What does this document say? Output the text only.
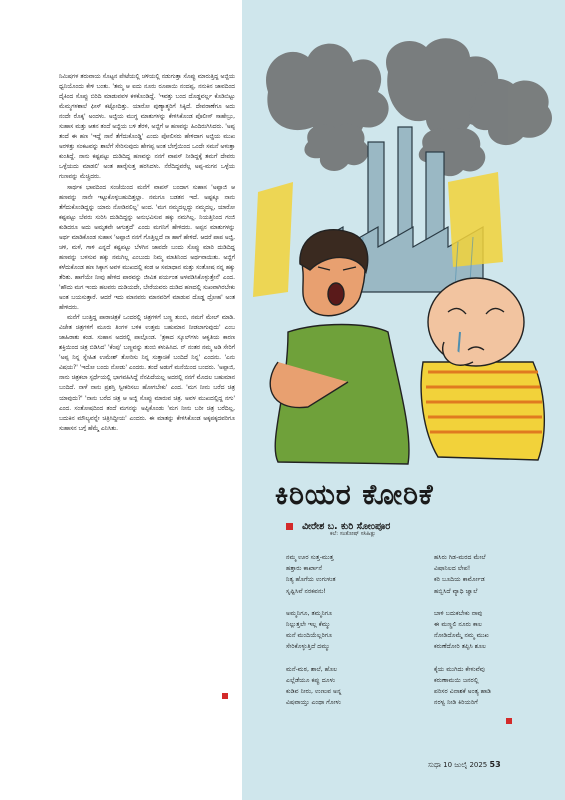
ನಿಮಿಷಗಳ ತರುವಾಯ ಸೊಟ್ಟನ ಪೇಟೆಯಲ್ಲಿ ಚಳಿಯಲ್ಲಿ ನಡುಗುತ್ತಾ ಸೊಪ್ಪು ಮಾರುತ್ತಿದ್ದ ಅಜ್ಜಿಯ ಧ್ವನಿಯೊಂದು ಕೇಳಿ ಬಂತು. 'ತಮ್ಮ ಆ ಐದು ನೂರು ರೂಪಾಯಿ ನಂದಪ್ಪ, ನನುಕಿನ ಜಾವದಿಂದ ದೈಕಿಂದ ಸೊಪ್ಪು ಬಿರಿದಿ ಮಾಡುವವಳ ಕಳಕೊಂಡಿದ್ದೆ. 'ಇವತ್ತು ಬಂದ ದೊಡ್ಡವರ್ಲ್ಲ ಕೊಡಿಬಿಟ್ಟು ಮೆಮ್ಮಗಳಶಾಲೆ ಫೀಸ್ ಕಟ್ಟೋದಿತ್ತು. ಯಾರೋ ಪುಣ್ಯಾತ್ಮರಿಗೆ ಸಿಕ್ಕಿದೆ. ದೇವರಾಣೆಗೂ ಅದು ನಂದೇ ರೊಕ್ಕ' ಅಂದಳು. ಅಜ್ಜಿಯ ಮುಗ್ಧ ಮಾತುಗಳನ್ನು ಕೇಳಿಸಿಕೊಂಡ ಪೊಲೀಸ್ ಸಾಹೇಬ್ರು, ಸುಹಾಸ ಮತ್ತು ಆತನ ತಂದೆ ಅಜ್ಜಿಯ ಬಳಿ ತೆರಳಿ, ಅಜ್ಜಿಗೆ ಆ ಹಣವನ್ನು ಹಿಂದಿರುಗಿಸಿದರು. 'ಅಪ್ಪ ತಂದೆ ಈ ಹಣ 'ಇದ್ದೆ ನಾನೆ ತೆಗೆದುಕೊಂಡ್ಡಿ' ಎಂದು ಪೋಲಿಸರು ಹೇಳಿದಾಗ ಅಜ್ಜಿಯ ಮುಖ ಅರಳಿತ್ತು ಸಂಕಟವನ್ನು ಶಾಲೆಗೆ ಸೇರಿಸುವುದು ಹೇಗಪ್ಪ ಅಂತ ಬೇಗ್ಗೆಯಿಂದ ಒಂದೇ ಸಮನೆ ಅಳುತ್ತಾ ಕುಂತಿದ್ದೆ. ನಾನು ಕಷ್ಟಪಟ್ಟು ದುಡಿದಿದ್ದ ಹಣವನ್ನು ನನಗೆ ವಾಪಸ್ ನೀಡಿದ್ದಕ್ಕೆ ತಮಗೆ ದೇವರು ಒಳ್ಳೆಯದು ಮಾಡಲಿ' ಅಂತ ಹಾರೈಸುತ್ತ ಹರಸಿದಳು. ನೆರೆದಿದ್ದವರೆಲ್ಲ ಅಪ್ಪ-ಮಗನ ಒಳ್ಳೆಯ ಗುಣವನ್ನು ಮೆಚ್ಚಿದರು.

ಸಾರ್ಥಕ ಭಾವದಿಂದ ಸಂಜೆಯಿಂದ ಮನೆಗೆ ವಾಪಸ್ ಬಂದಾಗ ಸುಹಾಸ 'ಅಪ್ಪಾಜಿ ಆ ಹಣವನ್ನು ನಾನೇ ಇಟ್ಟುಕೊಳ್ಳಬಹುದಿತ್ತಲ್ಲಾ. ನಮಗೂ ಬಡತನ ಇದೆ. ಅಷ್ಟಕ್ಕೂ ನಾನು ತೆಗೆದುಕೊಂಡಿದ್ದನ್ನು ಯಾರು ನೋಡಿರಲಿಲ್ಲ' ಅಂದ. 'ಮಗ ನಮ್ಮದಲ್ಲದ್ದು ನಮ್ಮದಲ್ಲ, ಯಾರೋ ಕಷ್ಟಪಟ್ಟು ಬೆವರು ಸುರಿಸಿ ದುಡಿದಿದ್ದನ್ನು ಅನುಭವಿಸುವ ಹಕ್ಕು ನಮಗಿಲ್ಲ. ನಿಯತ್ತಿನಿಂದ ಗಂಜಿ ಕುಡಿದರೂ ಅದು ಅಮೃತವೇ ಆಗುತ್ತದೆ' ಎಂದು ಮಗನಿಗೆ ಹೇಳಿದರು. ಅಪ್ಪನ ಮಾತುಗಳನ್ನು ಅರ್ಥ ಮಾಡಿಕೊಂಡ ಸುಹಾಸ 'ಅಪ್ಪಾಜಿ ನನಗೆ ಗೊತ್ತಿಲ್ಲದೆ ನಾ ಹಾಗೆ ಹೇಳಿದೆ. ಆದರೆ ಪಾಪ ಅಜ್ಜಿ, ಚಳಿ, ಮಳೆ, ಗಾಳಿ ಎನ್ನದೆ ಕಷ್ಟಪಟ್ಟು ಬೆಳಗಿನ ಜಾವದೇ ಬಂದು ಸೊಪ್ಪು ಮಾರಿ ದುಡಿದಿದ್ದ ಹಣವನ್ನು ಬಳಸುವ ಹಕ್ಕು ನಮಗಿಲ್ಲ ಎಂಬುದು ನಿಮ್ಮ ಮಾತಿನಿಂದ ಅರ್ಥವಾಯಿತು. ಅಜ್ಜಿಗೆ ಕಳೆದುಕೊಂಡ ಹಣ ಸಿಕ್ಕಾಗ ಅವಳ ಮುಖದಲ್ಲಿ ಕಂಡ ಆ ಸಮಾಧಾನ ಮತ್ತು ಸಂತೋಷ ನನ್ನ ಹಕ್ಕು ತೆರಿತು. ಹಾಗೆಯೇ ನೀವು ಹೇಳಿದ ಪಾಠವನ್ನು ಜೀವಿತ ಪರ್ಯಂತ ಅಳವಡಿಸಿಕೊಳ್ಳುತ್ತೇನೆ' ಎಂದ. 'ಹೌದು ಮಗ ಇಂದು ಹಲವರು ದುಡಿಯದೇ, ಬೇರೆಯವರು ದುಡಿದ ಹಣದಲ್ಲಿ ಸುಖವಾಗಿರಬೇಕು ಅಂತ ಬಯಸುತ್ತಾರೆ. ಆದರೆ ಇದು ಮಾನವರು ಮಾನವರಿಗೆ ಮಾಡುವ ದೊಡ್ಡ ದ್ರೋಹ' ಅಂತ ಹೇಳಿದರು.

ಮನೆಗೆ ಬಂತ್ತಿದ್ದ ಪಾರಾಚಿತ್ರಕೆ ಒಂದರಲ್ಲಿ ಚಿತ್ರಗಳಿಗೆ ಬಣ್ಣ ತುಂಬಿ, ನಮಗೆ ಮೇಲ್ ಮಾಡಿ. ವಿಜೇತ ಚಿತ್ರಗಳಿಗೆ ಮೂರು ತಿಂಗಳ ಬಳಿಕ ಉತ್ತಮ ಬಹುಮಾನ ನೀಡಲಾಗುವುದು' ಎಂಬ ಜಾಹಿರಾತು ಕಂಡ. ಸುಹಾಸ ಅದರಲ್ಲಿ ಪಾಲ್ಗೊಂಡ. 'ತ್ರಕಾದ ಸ್ಕೂಲ್‌ಗಳು ಆಕೃತಿಯ ಕಾರಣ ಶಕ್ತಿಯಿಂದ ಚಿತ್ರ ಬಿಡಿಸಿದ' 'ಕೆಂಪು' ಬಣ್ಣವನ್ನು ತುಂಬಿ ಕಳುಹಿಸಿದ. ನ್ ನಂತರ ನಮ್ಮ ಅಡಿ ಸೇರಿಗೆ 'ಅಪ್ಪ ನಿನ್ನ ಸ್ನೇಹಿತ ಉಮೇಶ್ ತೋರಿಸು ನಿನ್ನ ಸುತ್ತಾಚಿಕೆ ಬಂದಿದೆ ನಿನ್ನ' ಎಂದನು. 'ಎನು ವಿಷಯ?' 'ಇದೋ ಬಂದು ನೋಡು' ಎಂದರು. ತಂದೆ ಅಡುಗೆ ಮನೆಯಿಂದ ಬಂದರು. 'ಅಪ್ಪಾಜಿ, ನಾನು ಚಿತ್ರಕಲಾ ಸ್ಪರ್ಧೆಯಲ್ಲಿ ಭಾಗವಹಿಸಿದ್ದೆ ನೆನಪಿದೆಯಲ್ಲ ಅದರಲ್ಲಿ ನನಗೆ ಮೊದಲ ಬಹುಮಾನ ಬಂದಿದೆ. ನಾಳೆ ನಾನು ಪ್ರಶಸ್ತಿ ಸ್ವೀಕರಿಸಲು ಹೋಗಬೇಕು' ಎಂದ. 'ಮಗ ನೀನು ಬರೆದ ಚಿತ್ರ ಯಾವುದು?' 'ನಾನು ಬರೆದ ಚಿತ್ರ ಆ ಅಜ್ಜಿ ಸೊಪ್ಪು ಮಾರುವ ಚಿತ್ರ. ಅವಳ ಮುಖದಲ್ಲಿದ್ದ ನಗು' ಎಂದ. ಸಂತೋಷದಿಂದ ತಂದೆ ಮಗನನ್ನು ಅಪ್ಪಿಕೊಂಡು 'ಮಗ ನೀನು ಬರೀ ಚಿತ್ರ ಬರೆದಿಲ್ಲ, ಬದುಕಿನ ಮೌಲ್ಯವನ್ನೇ ಚಿತ್ರಿಸಿದ್ದೀಯ' ಎಂದರು. ಈ ಮಾತನ್ನು ಕೇಳಿಸಿಕೊಂಡ ಅಕ್ಕಪಕ್ಕದವರಿಗೂ ಸುಹಾಸನ ಬಗ್ಗೆ ಹೆಮ್ಮೆ ಎನಿಸಿತು.

ಕಿರಿಯರ ಕೋರಿಕೆ
ವೀರೇಶ ಬ. ಕುರಿ ಸೋಂಪೂರ
ಕಲೆ: ಸಂತೋಷ್ ಸಸಿಹಿತ್ಲು
ನಮ್ಮ ಊರ ಸುತ್ತ-ಮುತ್ತ
ಹತ್ತಾರು ಕಾರ್ಖಾನೆ
ನಿತ್ಯ ಹೊಗೆಯ ಉಗುಳುತ
ಸೃಷ್ಟಿಸಿವೆ ನರಕವನು!
ಅಮ್ಮನಿಗೂ, ತಮ್ಮನಿಗೂ
ನಿಲ್ಲುತ್ತಲೇ ಇಲ್ಲ ಕೆಮ್ಮು
ಮನೆ ಮಂದಿಯೆಲ್ಲರಿಗೂ
ಸೇರಿಕೊಳ್ಳುತ್ತಿದೆ ದಮ್ಮು
ಮನೆ-ಮಠ, ಶಾಲೆ, ಹೊಲ
ಎಲ್ಲೆಡೆಯೂ ಕಪ್ಪು ದೂಳು
ಕುಡಿವ ನೀರು, ಉಣುವ ಅನ್ನ
ವಿಷವಾಯ್ತು ಎಂಥಾ ಗೋಳು
ಹಸಿರು ಗಿಡ-ಮರದ ಮೇಲೆ
ವಿಷಾನಿಲದ ಲೇಪ!
ಕರಿ ಬೂದಿಯ ಕಾರ್ಮೋಡ
ಹಬ್ಬಿಸಿದೆ ವ್ಯಾಧಿ ಜ್ವಾಲೆ
ಬಾಳಿ ಬದುಕಬೇಕು ನಾವು
ಈ ಮಣ್ಣಲಿ ನೂರು ಕಾಲ
ನೋಡಿದೊಮ್ಮೆ ನಮ್ಮ ಮುಖ
ಕರುಣೆದೋರಿ ತಪ್ಪಿಸಿ ಶೂಲ
ಕೈಯ ಮುಗಿದು ಕೇಳುವೆವು
ಕರುಣಾಮಯಿ ಜನರಲ್ಲಿ
ಪರಿಸರ ವಿನಾಶಕೆ ಅಂತ್ಯ ಹಾಡಿ
ನರಳ್ವ ನೀಡಿ ಕಿರಿಯರಿಗೆ
ಸುಧಾ 10 ಜುಲೈ 2025 53
